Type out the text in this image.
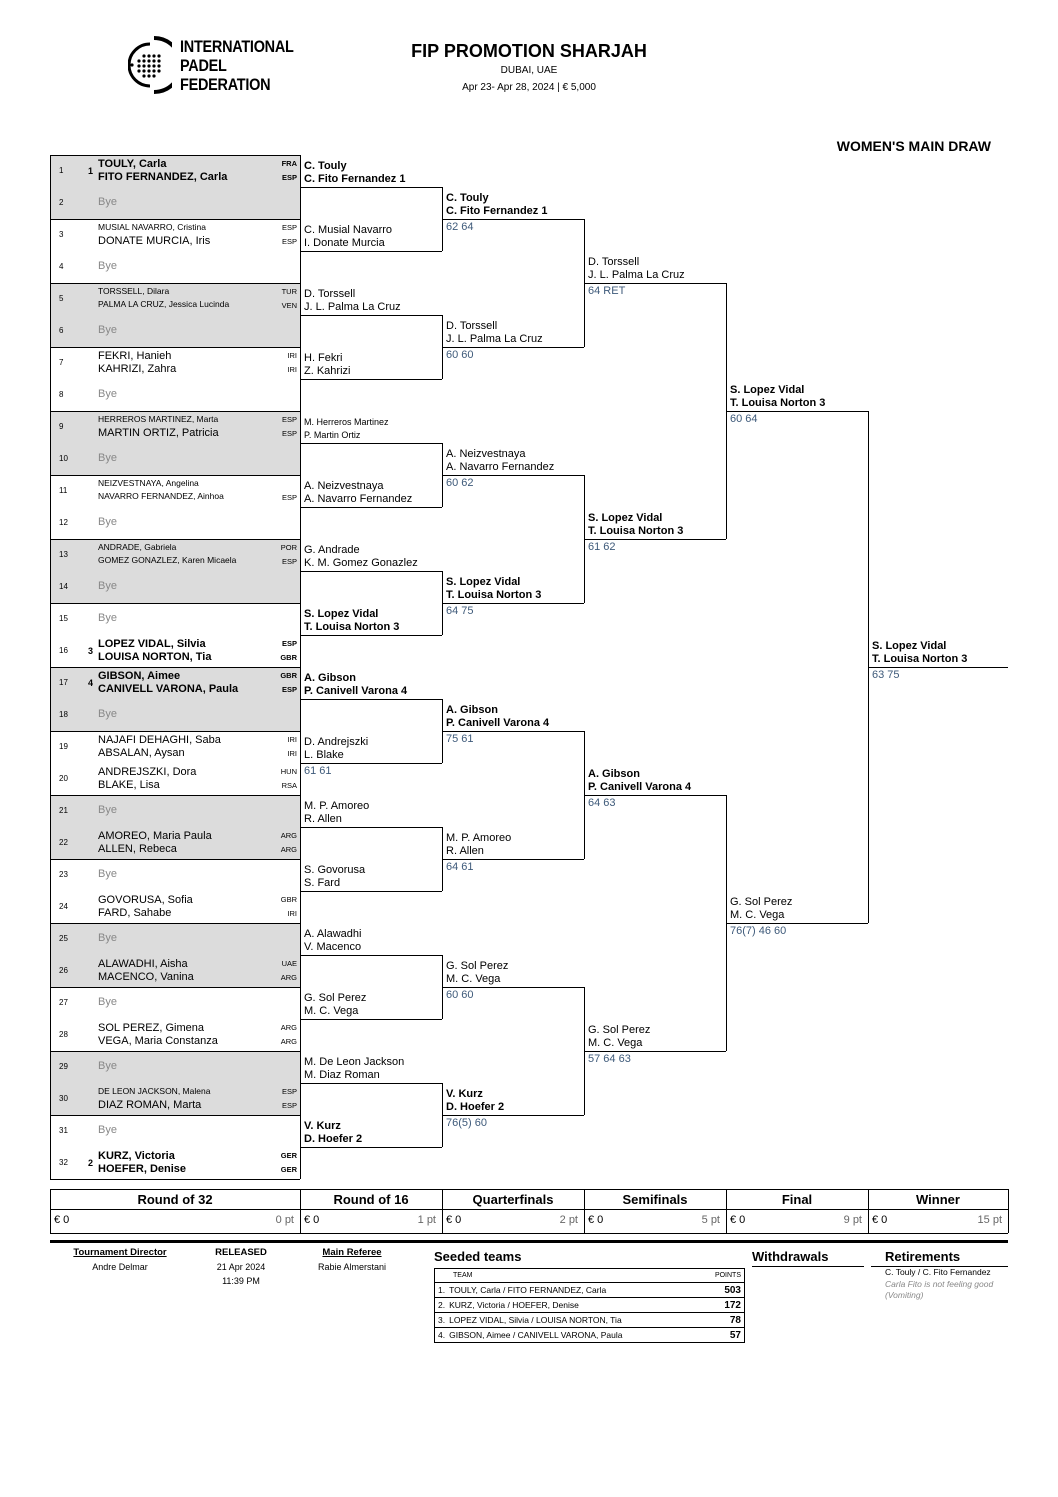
INTERNATIONAL
PADEL
FEDERATION
FIP PROMOTION SHARJAH
DUBAI, UAE
Apr 23- Apr 28, 2024 | € 5,000
WOMEN'S MAIN DRAW
1	1
TOULY, Carla
FITO FERNANDEZ, Carla
FRA
ESP
2	Bye
3
MUSIAL NAVARRO, Cristina
DONATE MURCIA, Iris
ESP
ESP
4	Bye
5
TORSSELL, Dilara
PALMA LA CRUZ, Jessica Lucinda
TUR
VEN
6	Bye
7
FEKRI, Hanieh
KAHRIZI, Zahra
IRI
IRI
8	Bye
9
HERREROS MARTINEZ, Marta
MARTIN ORTIZ, Patricia
ESP
ESP
10	Bye
11
NEIZVESTNAYA, Angelina
NAVARRO FERNANDEZ, Ainhoa	ESP
12	Bye
13
ANDRADE, Gabriela
GOMEZ GONAZLEZ, Karen Micaela
POR
ESP
14	Bye
15	Bye
16	3
LOPEZ VIDAL, Silvia
LOUISA NORTON, Tia
ESP
GBR
17	4
GIBSON, Aimee
CANIVELL VARONA, Paula
GBR
ESP
18	Bye
19
NAJAFI DEHAGHI, Saba
ABSALAN, Aysan
IRI
IRI
20
ANDREJSZKI, Dora
BLAKE, Lisa
HUN
RSA
21	Bye
22
AMOREO, Maria Paula
ALLEN, Rebeca
ARG
ARG
23	Bye
24
GOVORUSA, Sofia
FARD, Sahabe
GBR
IRI
25	Bye
26
ALAWADHI, Aisha
MACENCO, Vanina
UAE
ARG
27	Bye
28
SOL PEREZ, Gimena
VEGA, Maria Constanza
ARG
ARG
29	Bye
30
DE LEON JACKSON, Malena
DIAZ ROMAN, Marta
ESP
ESP
31	Bye
32	2
KURZ, Victoria
HOEFER, Denise
GER
GER
C. Touly
C. Fito Fernandez 1
C. Musial Navarro
I. Donate Murcia
D. Torssell
J. L. Palma La Cruz
H. Fekri
Z. Kahrizi
M. Herreros Martinez
P. Martin Ortiz
A. Neizvestnaya
A. Navarro Fernandez
G. Andrade
K. M. Gomez Gonazlez
S. Lopez Vidal
T. Louisa Norton 3
A. Gibson
P. Canivell Varona 4
D. Andrejszki
L. Blake
61 61
M. P. Amoreo
R. Allen
S. Govorusa
S. Fard
A. Alawadhi
V. Macenco
G. Sol Perez
M. C. Vega
M. De Leon Jackson
M. Diaz Roman
V. Kurz
D. Hoefer 2
C. Touly
C. Fito Fernandez 1
62 64
D. Torssell
J. L. Palma La Cruz
60 60
A. Neizvestnaya
A. Navarro Fernandez
60 62
S. Lopez Vidal
T. Louisa Norton 3
64 75
A. Gibson
P. Canivell Varona 4
75 61
M. P. Amoreo
R. Allen
64 61
G. Sol Perez
M. C. Vega
60 60
V. Kurz
D. Hoefer 2
76(5) 60
D. Torssell
J. L. Palma La Cruz
64 RET
S. Lopez Vidal
T. Louisa Norton 3
61 62
A. Gibson
P. Canivell Varona 4
64 63
G. Sol Perez
M. C. Vega
57 64 63
S. Lopez Vidal
T. Louisa Norton 3
60 64
G. Sol Perez
M. C. Vega
76(7) 46 60
S. Lopez Vidal
T. Louisa Norton 3
63 75
Round of 32
€ 0	0 pt
Round of 16
€ 0	1 pt
Quarterfinals
€ 0	2 pt
Semifinals
€ 0	5 pt
Final
€ 0	9 pt
Winner
€ 0	15 pt
Tournament Director
Andre Delmar
RELEASED
21 Apr 2024
11:39 PM
Main Referee
Rabie Almerstani
Seeded teams
TEAM	POINTS
1. TOULY, Carla / FITO FERNANDEZ, Carla	503
2. KURZ, Victoria / HOEFER, Denise	172
3. LOPEZ VIDAL, Silvia / LOUISA NORTON, Tia	78
4. GIBSON, Aimee / CANIVELL VARONA, Paula	57
Withdrawals	Retirements
C. Touly / C. Fito Fernandez
Carla Fito is not feeling good (Vomiting)
